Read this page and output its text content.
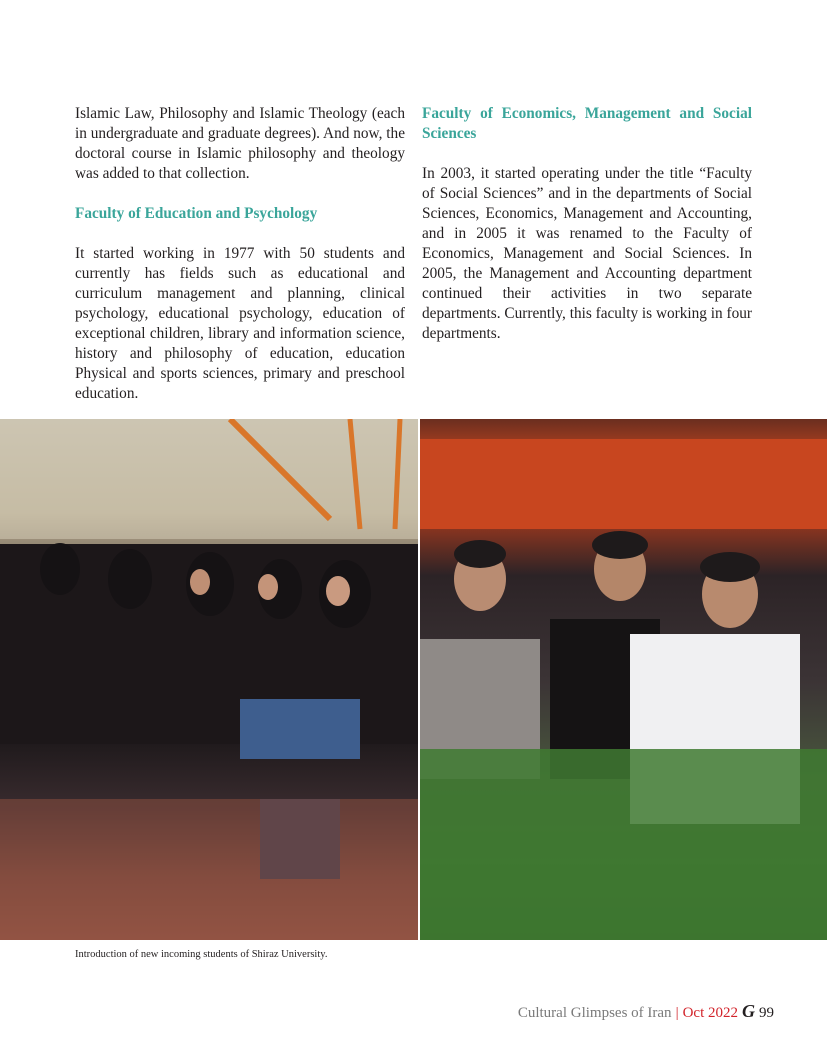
Islamic Law, Philosophy and Islamic Theology (each in undergraduate and graduate degrees). And now, the doctoral course in Islamic philosophy and theology was added to that collection.

Faculty of Education and Psychology

It started working in 1977 with 50 students and currently has fields such as educational and curriculum management and planning, clinical psychology, educational psychology, education of exceptional children, library and information science, history and philosophy of education, education Physical and sports sciences, primary and preschool education.

Faculty of Economics, Management and Social Sciences

In 2003, it started operating under the title “Faculty of Social Sciences” and in the departments of Social Sciences, Economics, Management and Accounting, and in 2005 it was renamed to the Faculty of Economics, Management and Social Sciences. In 2005, the Management and Accounting department continued their activities in two separate departments. Currently, this faculty is working in four departments.

Introduction of new incoming students of Shiraz University.
Cultural Glimpses of Iran | Oct 2022 G 99
